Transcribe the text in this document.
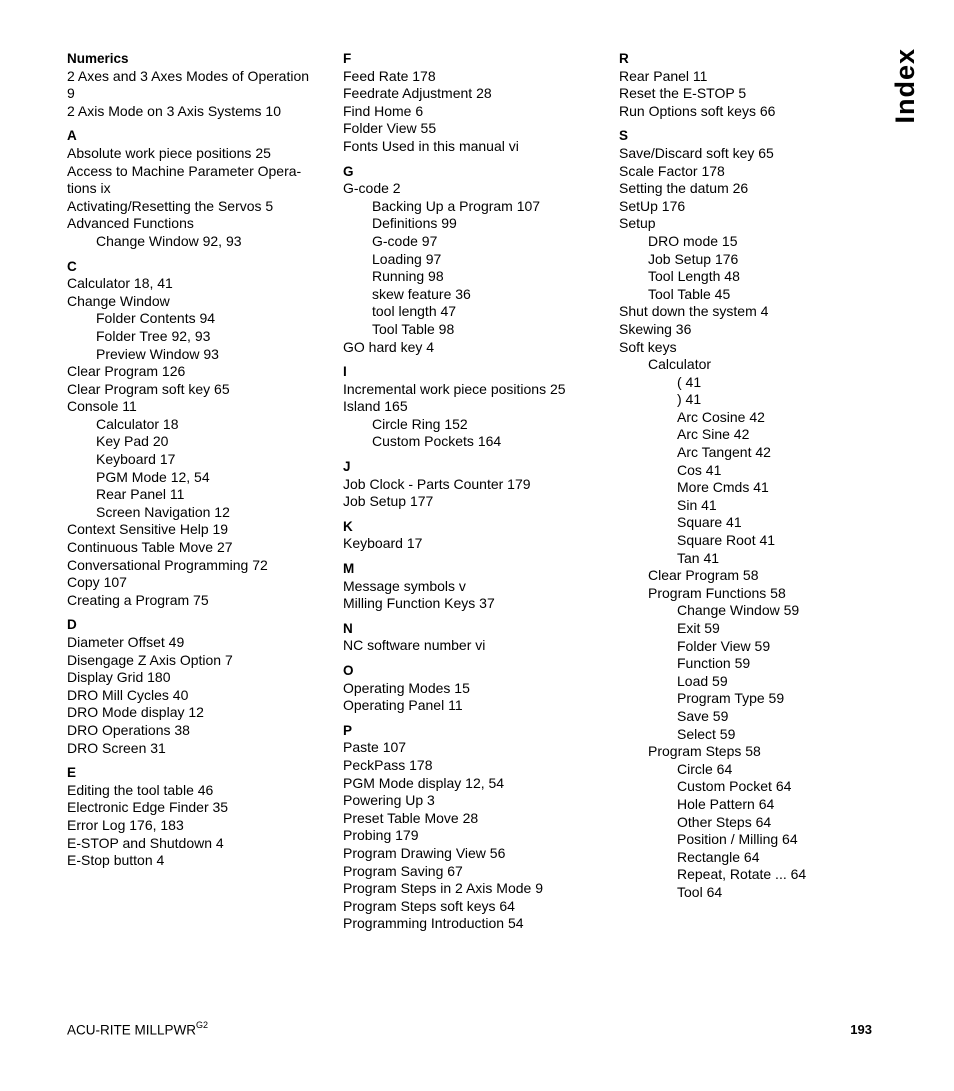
Numerics
2 Axes and 3 Axes Modes of Operation
9
2 Axis Mode on 3 Axis Systems 10
A
Absolute work piece positions 25
Access to Machine Parameter Opera-
tions ix
Activating/Resetting the Servos 5
Advanced Functions
Change Window 92, 93
C
Calculator 18, 41
Change Window
Folder Contents 94
Folder Tree 92, 93
Preview Window 93
Clear Program 126
Clear Program soft key 65
Console 11
Calculator 18
Key Pad 20
Keyboard 17
PGM Mode 12, 54
Rear Panel 11
Screen Navigation 12
Context Sensitive Help 19
Continuous Table Move 27
Conversational Programming 72
Copy 107
Creating a Program 75
D
Diameter Offset 49
Disengage Z Axis Option 7
Display Grid 180
DRO Mill Cycles 40
DRO Mode display 12
DRO Operations 38
DRO Screen 31
E
Editing the tool table 46
Electronic Edge Finder 35
Error Log 176, 183
E-STOP and Shutdown 4
E-Stop button 4
F
Feed Rate 178
Feedrate Adjustment 28
Find Home 6
Folder View 55
Fonts Used in this manual vi
G
G-code 2
Backing Up a Program 107
Definitions 99
G-code 97
Loading 97
Running 98
skew feature 36
tool length 47
Tool Table 98
GO hard key 4
I
Incremental work piece positions 25
Island 165
Circle Ring 152
Custom Pockets 164
J
Job Clock - Parts Counter 179
Job Setup 177
K
Keyboard 17
M
Message symbols v
Milling Function Keys 37
N
NC software number vi
O
Operating Modes 15
Operating Panel 11
P
Paste 107
PeckPass 178
PGM Mode display 12, 54
Powering Up 3
Preset Table Move 28
Probing 179
Program Drawing View 56
Program Saving 67
Program Steps in 2 Axis Mode 9
Program Steps soft keys 64
Programming Introduction 54
R
Rear Panel 11
Reset the E-STOP 5
Run Options soft keys 66
S
Save/Discard soft key 65
Scale Factor 178
Setting the datum 26
SetUp 176
Setup
DRO mode 15
Job Setup 176
Tool Length 48
Tool Table 45
Shut down the system 4
Skewing 36
Soft keys
Calculator
( 41
) 41
Arc Cosine 42
Arc Sine 42
Arc Tangent 42
Cos 41
More Cmds 41
Sin 41
Square 41
Square Root 41
Tan 41
Clear Program 58
Program Functions 58
Change Window 59
Exit 59
Folder View 59
Function 59
Load 59
Program Type 59
Save 59
Select 59
Program Steps 58
Circle 64
Custom Pocket 64
Hole Pattern 64
Other Steps 64
Position / Milling 64
Rectangle 64
Repeat, Rotate ... 64
Tool 64
Index
ACU-RITE $MILLPWR^{G2}$	193
